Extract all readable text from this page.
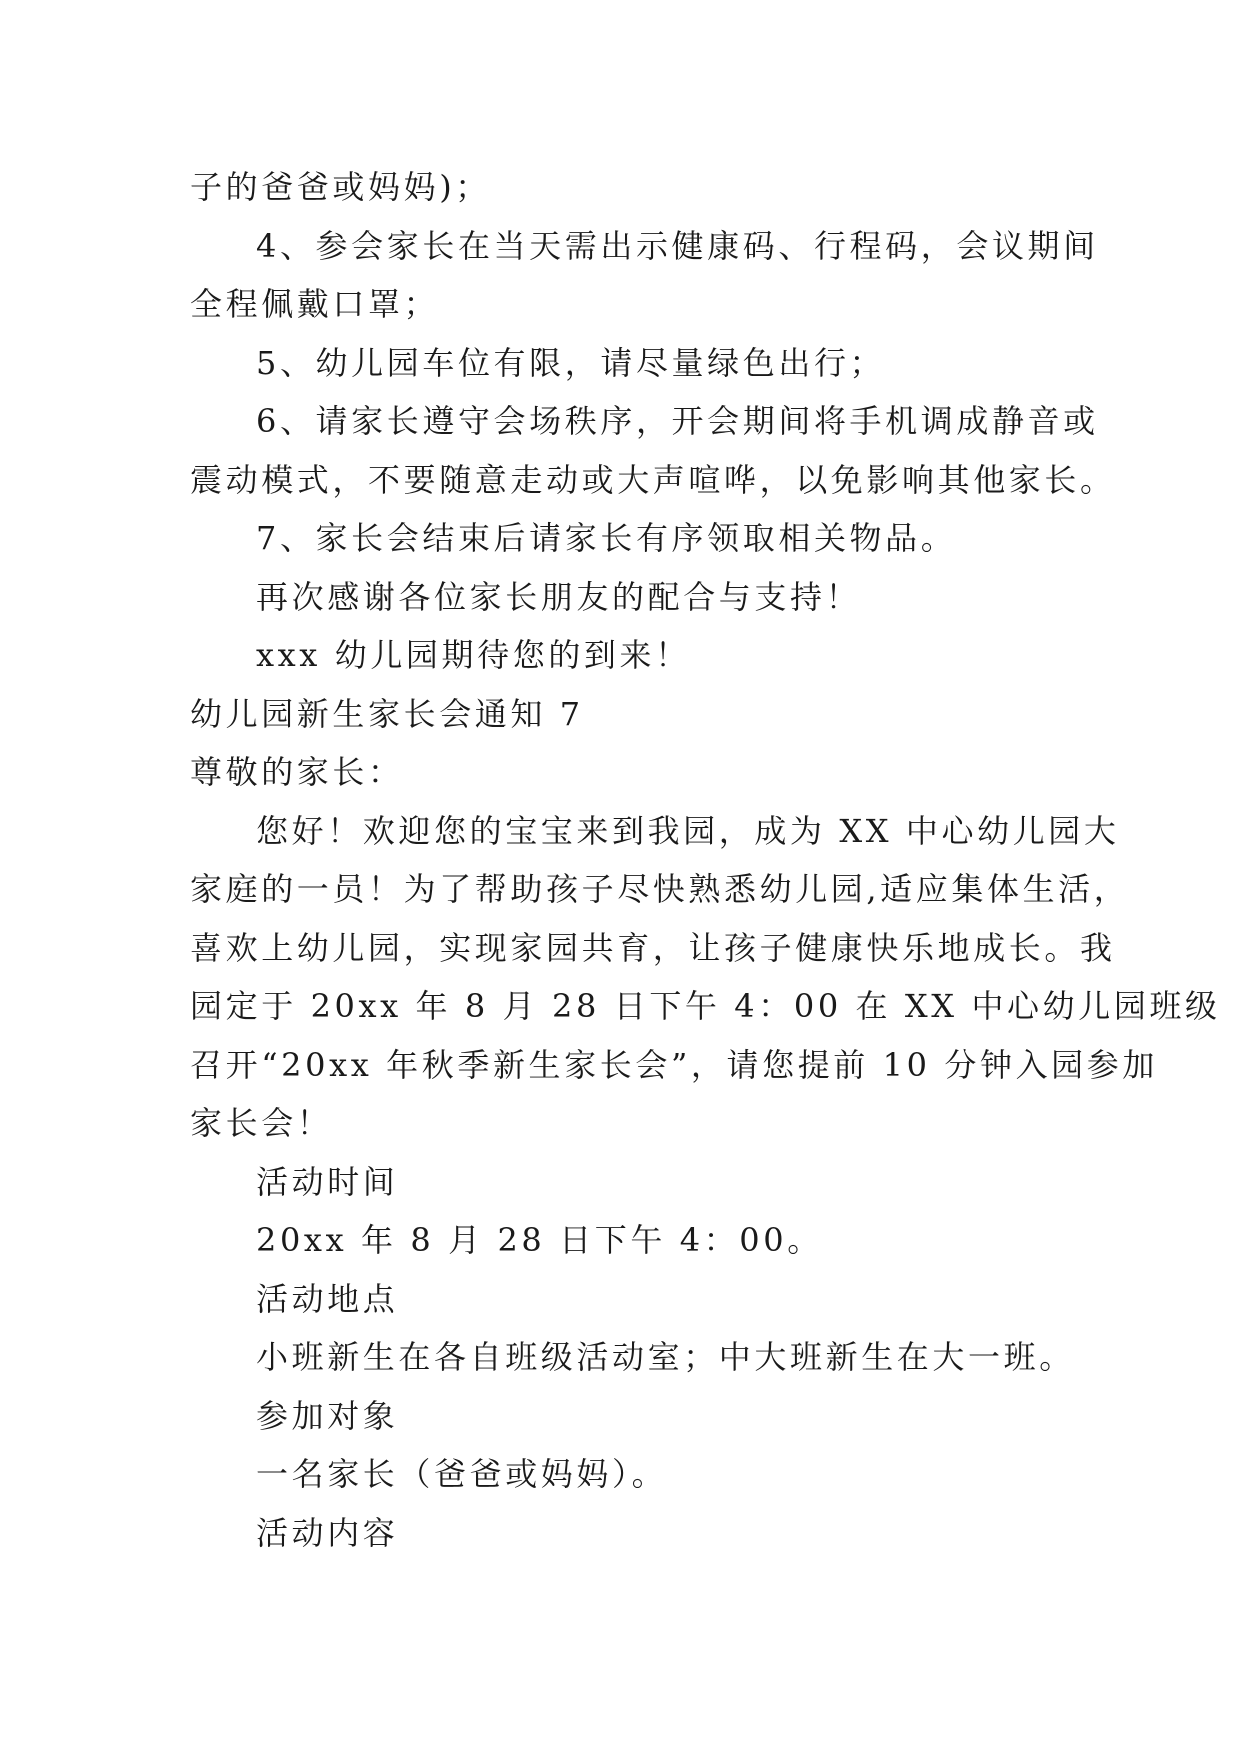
子的爸爸或妈妈)；
4、参会家长在当天需出示健康码、行程码，会议期间
全程佩戴口罩；
5、幼儿园车位有限，请尽量绿色出行；
6、请家长遵守会场秩序，开会期间将手机调成静音或
震动模式，不要随意走动或大声喧哗，以免影响其他家长。
7、家长会结束后请家长有序领取相关物品。
再次感谢各位家长朋友的配合与支持！
xxx 幼儿园期待您的到来！
幼儿园新生家长会通知 7
尊敬的家长：
您好！欢迎您的宝宝来到我园，成为 XX 中心幼儿园大
家庭的一员！为了帮助孩子尽快熟悉幼儿园,适应集体生活，
喜欢上幼儿园，实现家园共育，让孩子健康快乐地成长。我
园定于 20xx 年 8 月 28 日下午 4：00 在 XX 中心幼儿园班级
召开“20xx 年秋季新生家长会”，请您提前 10 分钟入园参加
家长会！
活动时间
20xx 年 8 月 28 日下午 4：00。
活动地点
小班新生在各自班级活动室；中大班新生在大一班。
参加对象
一名家长（爸爸或妈妈）。
活动内容
